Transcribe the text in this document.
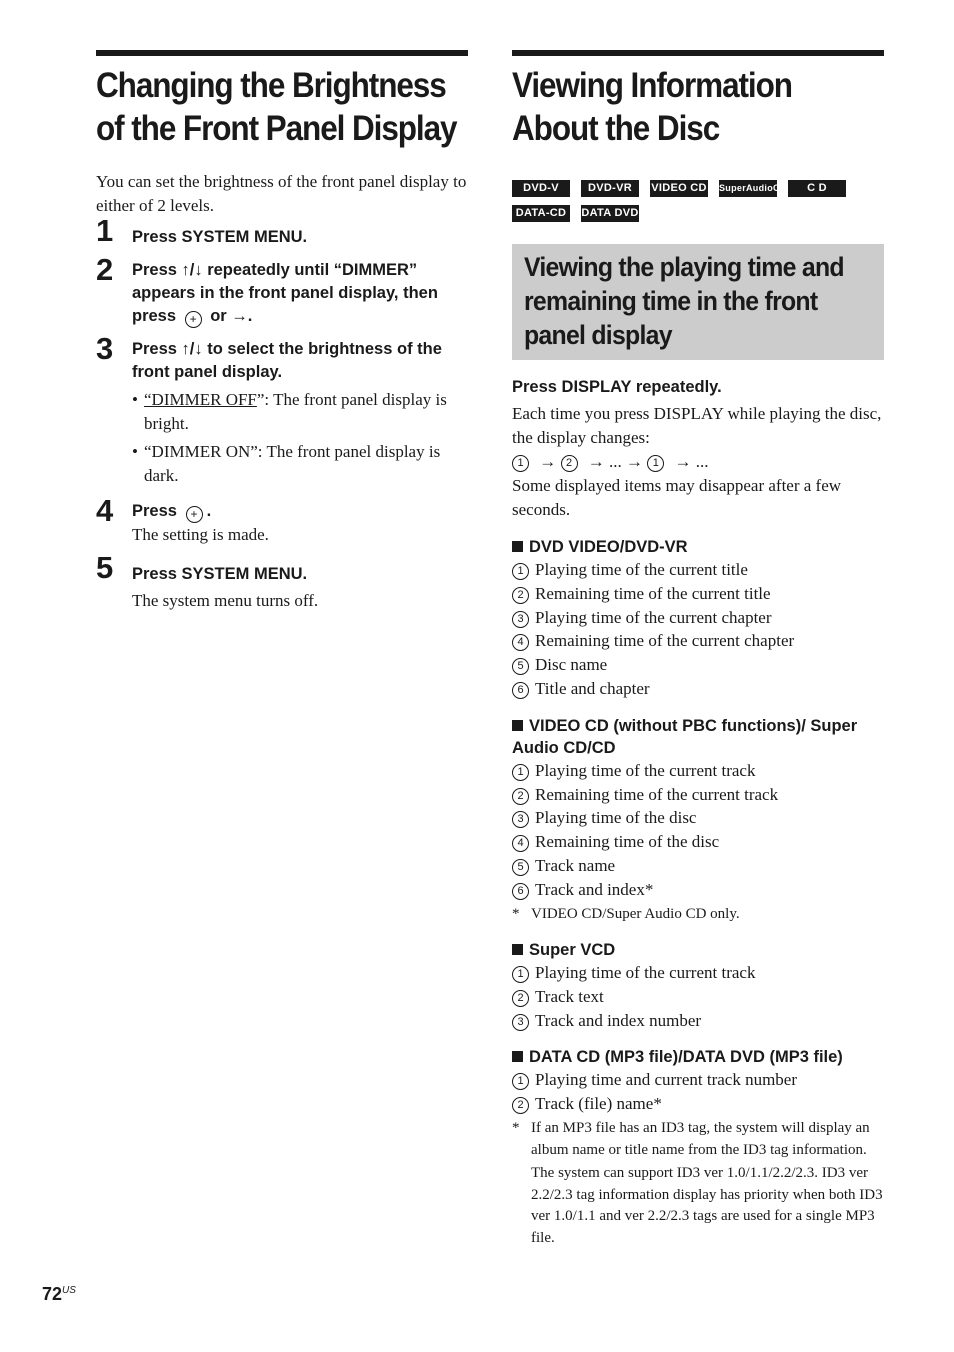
Changing the Brightness of the Front Panel Display

You can set the brightness of the front panel display to either of 2 levels.

1 Press SYSTEM MENU.
2 Press ↑/↓ repeatedly until “DIMMER” appears in the front panel display, then press + or →.
3 Press ↑/↓ to select the brightness of the front panel display.
• “DIMMER OFF”: The front panel display is bright.
• “DIMMER ON”: The front panel display is dark.
4 Press + .
The setting is made.
5 Press SYSTEM MENU.
The system menu turns off.
Viewing Information About the Disc
DVD-V	DVD-VR	VIDEO CD SuperAudioCD	C D
DATA-CD	DATA DVD
Viewing the playing time and remaining time in the front panel display
Press DISPLAY repeatedly.
Each time you press DISPLAY while playing the disc, the display changes:
1 → 2 → ... → 1 → ...
Some displayed items may disappear after a few seconds.
DVD VIDEO/DVD-VR
1 Playing time of the current title
2 Remaining time of the current title
3 Playing time of the current chapter
4 Remaining time of the current chapter
5 Disc name
6 Title and chapter
VIDEO CD (without PBC functions)/ Super Audio CD/CD
1 Playing time of the current track
2 Remaining time of the current track
3 Playing time of the disc
4 Remaining time of the disc
5 Track name
6 Track and index*
* VIDEO CD/Super Audio CD only.
Super VCD
1 Playing time of the current track
2 Track text
3 Track and index number
DATA CD (MP3 file)/DATA DVD (MP3 file)
1 Playing time and current track number
2 Track (file) name*
* If an MP3 file has an ID3 tag, the system will display an album name or title name from the ID3 tag information.
The system can support ID3 ver 1.0/1.1/2.2/2.3. ID3 ver 2.2/2.3 tag information display has priority when both ID3 ver 1.0/1.1 and ver 2.2/2.3 tags are used for a single MP3 file.
$72^{US}$
